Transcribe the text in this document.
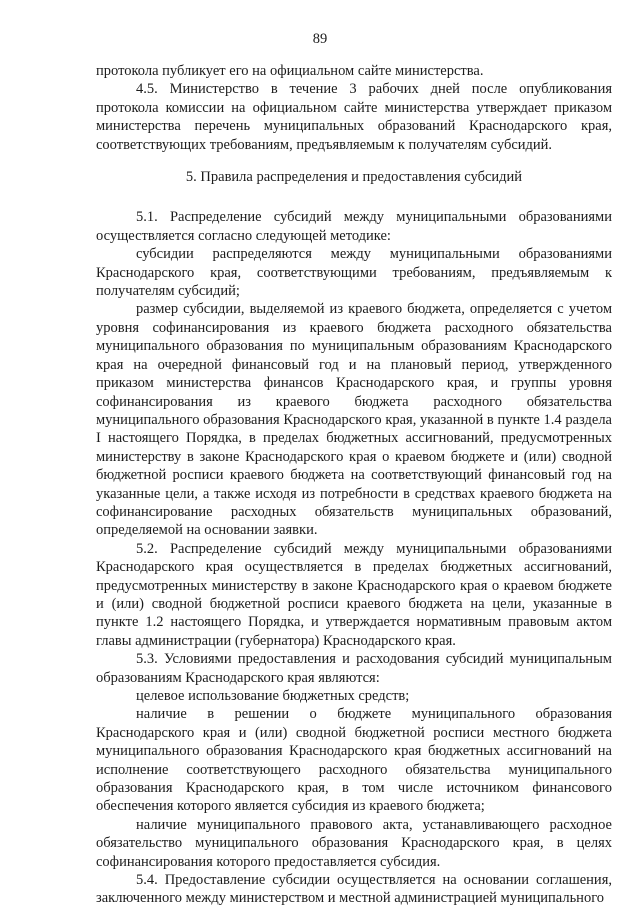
89

протокола публикует его на официальном сайте министерства.

4.5. Министерство в течение 3 рабочих дней после опубликования протокола комиссии на официальном сайте министерства утверждает приказом министерства перечень муниципальных образований Краснодарского края, соответствующих требованиям, предъявляемым к получателям субсидий.

5. Правила распределения и предоставления субсидий

5.1. Распределение субсидий между муниципальными образованиями осуществляется согласно следующей методике:

субсидии распределяются между муниципальными образованиями Краснодарского края, соответствующими требованиям, предъявляемым к получателям субсидий;

размер субсидии, выделяемой из краевого бюджета, определяется с учетом уровня софинансирования из краевого бюджета расходного обязательства муниципального образования по муниципальным образованиям Краснодарского края на очередной финансовый год и на плановый период, утвержденного приказом министерства финансов Краснодарского края, и группы уровня софинансирования из краевого бюджета расходного обязательства муниципального образования Краснодарского края, указанной в пункте 1.4 раздела I настоящего Порядка, в пределах бюджетных ассигнований, предусмотренных министерству в законе Краснодарского края о краевом бюджете и (или) сводной бюджетной росписи краевого бюджета на соответствующий финансовый год на указанные цели, а также исходя из потребности в средствах краевого бюджета на софинансирование расходных обязательств муниципальных образований, определяемой на основании заявки.

5.2. Распределение субсидий между муниципальными образованиями Краснодарского края осуществляется в пределах бюджетных ассигнований, предусмотренных министерству в законе Краснодарского края о краевом бюджете и (или) сводной бюджетной росписи краевого бюджета на цели, указанные в пункте 1.2 настоящего Порядка, и утверждается нормативным правовым актом главы администрации (губернатора) Краснодарского края.

5.3. Условиями предоставления и расходования субсидий муниципальным образованиям Краснодарского края являются:

целевое использование бюджетных средств;

наличие в решении о бюджете муниципального образования Краснодарского края и (или) сводной бюджетной росписи местного бюджета муниципального образования Краснодарского края бюджетных ассигнований на исполнение соответствующего расходного обязательства муниципального образования Краснодарского края, в том числе источником финансового обеспечения которого является субсидия из краевого бюджета;

наличие муниципального правового акта, устанавливающего расходное обязательство муниципального образования Краснодарского края, в целях софинансирования которого предоставляется субсидия.

5.4. Предоставление субсидии осуществляется на основании соглашения, заключенного между министерством и местной администрацией муниципального
